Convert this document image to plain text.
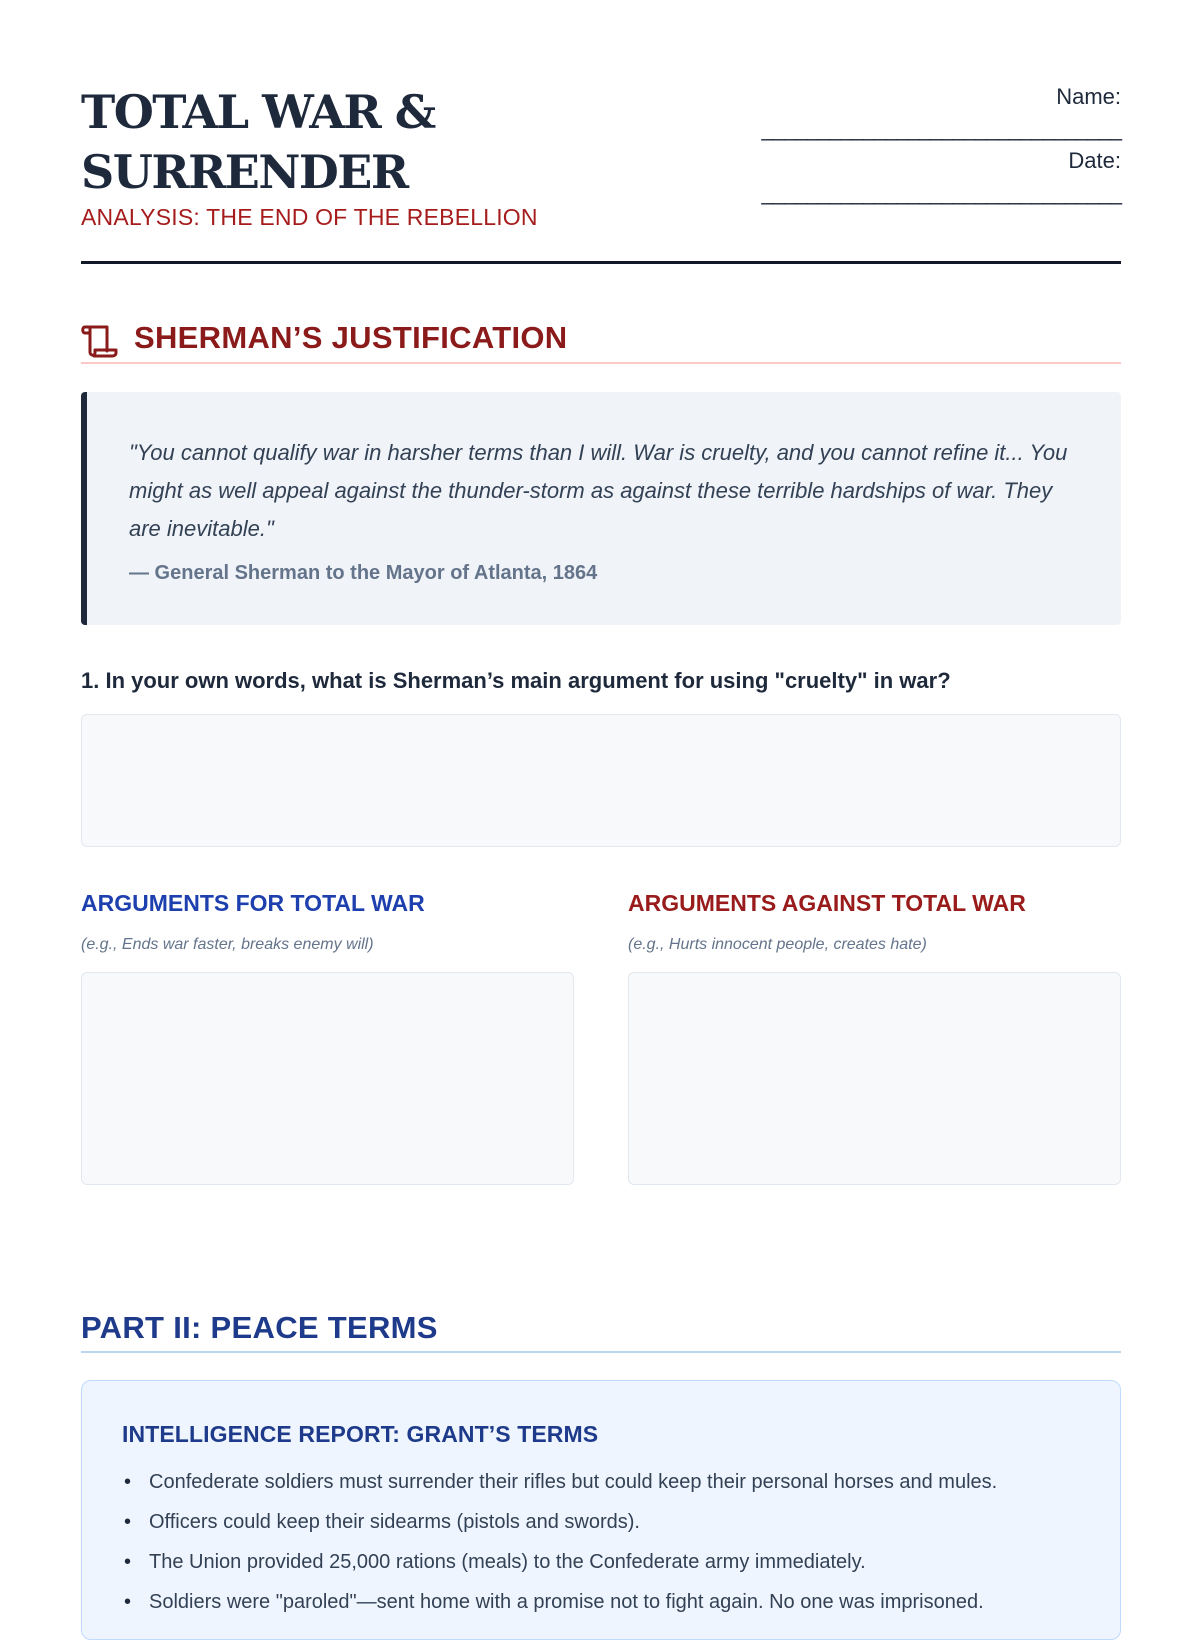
TOTAL WAR & SURRENDER
ANALYSIS: THE END OF THE REBELLION
Name:
________________________________
Date:
________________________________
SHERMAN’S JUSTIFICATION

"You cannot qualify war in harsher terms than I will. War is cruelty, and you cannot refine it... You might as well appeal against the thunder-storm as against these terrible hardships of war. They are inevitable."

— General Sherman to the Mayor of Atlanta, 1864

1. In your own words, what is Sherman’s main argument for using "cruelty" in war?
ARGUMENTS FOR TOTAL WAR
(e.g., Ends war faster, breaks enemy will)
ARGUMENTS AGAINST TOTAL WAR
(e.g., Hurts innocent people, creates hate)
PART II: PEACE TERMS
INTELLIGENCE REPORT: GRANT’S TERMS
• Confederate soldiers must surrender their rifles but could keep their personal horses and mules.
• Officers could keep their sidearms (pistols and swords).
• The Union provided 25,000 rations (meals) to the Confederate army immediately.
• Soldiers were "paroled"—sent home with a promise not to fight again. No one was imprisoned.
